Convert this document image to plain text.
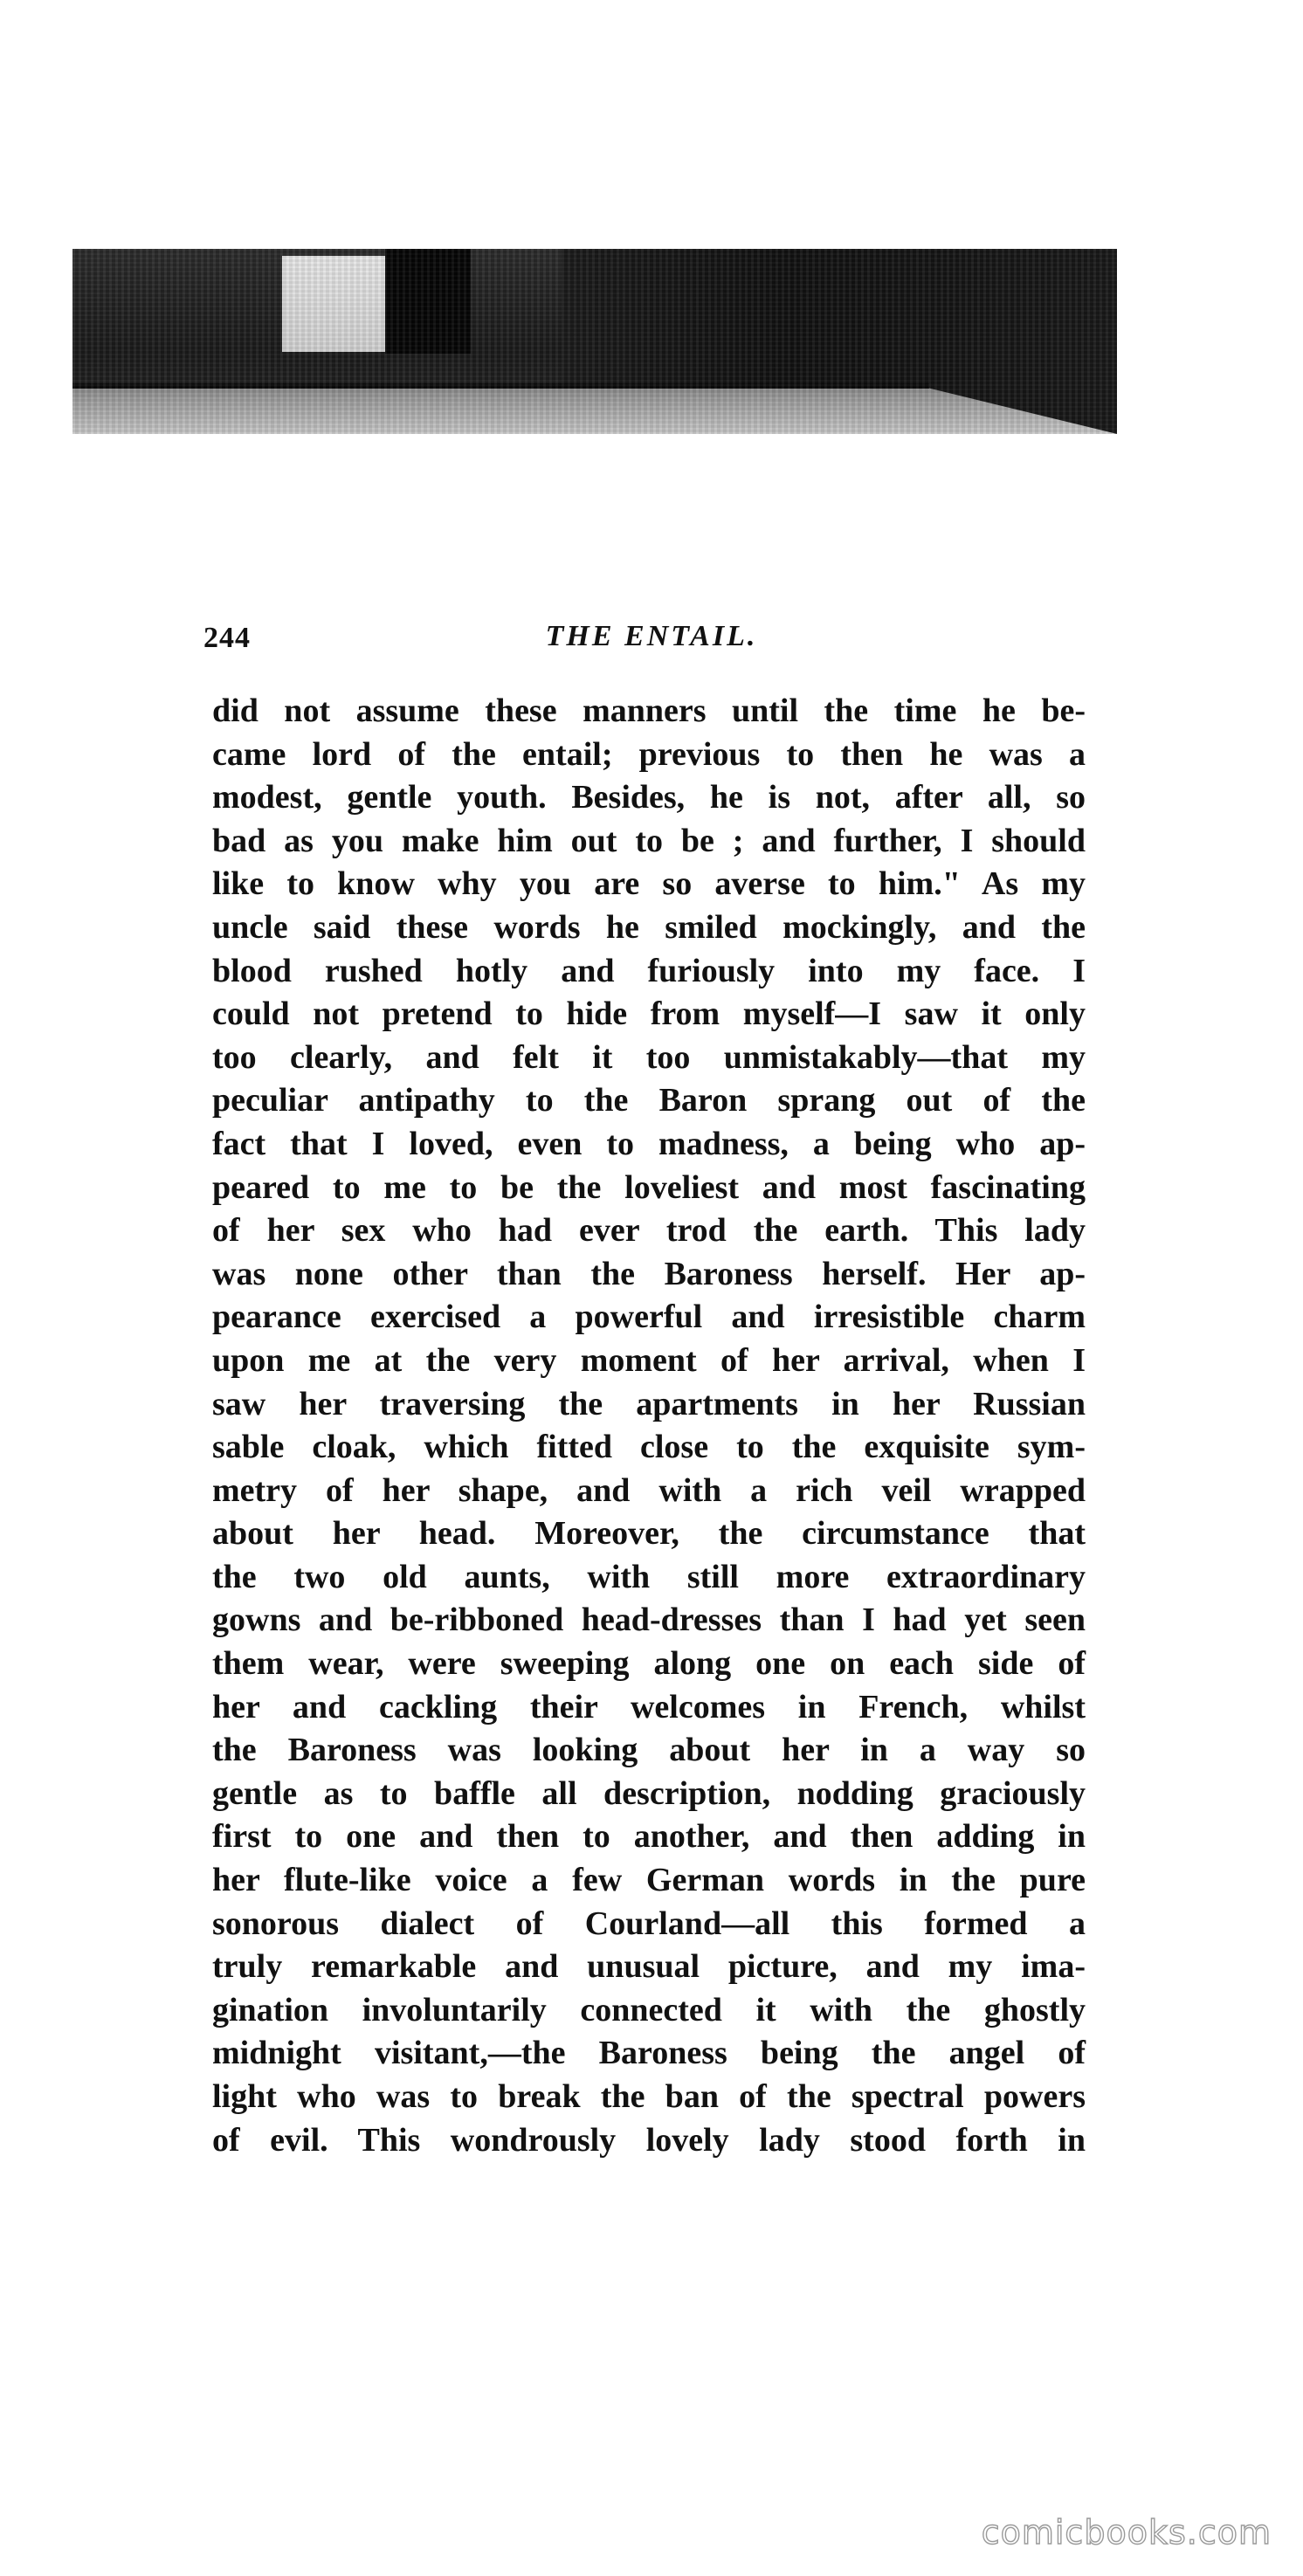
244	THE ENTAIL.
did not assume these manners until the time he be-
came lord of the entail; previous to then he was a
modest, gentle youth. Besides, he is not, after all, so
bad as you make him out to be ; and further, I should
like to know why you are so averse to him." As my
uncle said these words he smiled mockingly, and the
blood rushed hotly and furiously into my face. I
could not pretend to hide from myself—I saw it only
too clearly, and felt it too unmistakably—that my
peculiar antipathy to the Baron sprang out of the
fact that I loved, even to madness, a being who ap-
peared to me to be the loveliest and most fascinating
of her sex who had ever trod the earth. This lady
was none other than the Baroness herself. Her ap-
pearance exercised a powerful and irresistible charm
upon me at the very moment of her arrival, when I
saw her traversing the apartments in her Russian
sable cloak, which fitted close to the exquisite sym-
metry of her shape, and with a rich veil wrapped
about her head. Moreover, the circumstance that
the two old aunts, with still more extraordinary
gowns and be-ribboned head-dresses than I had yet seen
them wear, were sweeping along one on each side of
her and cackling their welcomes in French, whilst
the Baroness was looking about her in a way so
gentle as to baffle all description, nodding graciously
first to one and then to another, and then adding in
her flute-like voice a few German words in the pure
sonorous dialect of Courland—all this formed a
truly remarkable and unusual picture, and my ima-
gination involuntarily connected it with the ghostly
midnight visitant,—the Baroness being the angel of
light who was to break the ban of the spectral powers
of evil. This wondrously lovely lady stood forth in
comicbooks.com
